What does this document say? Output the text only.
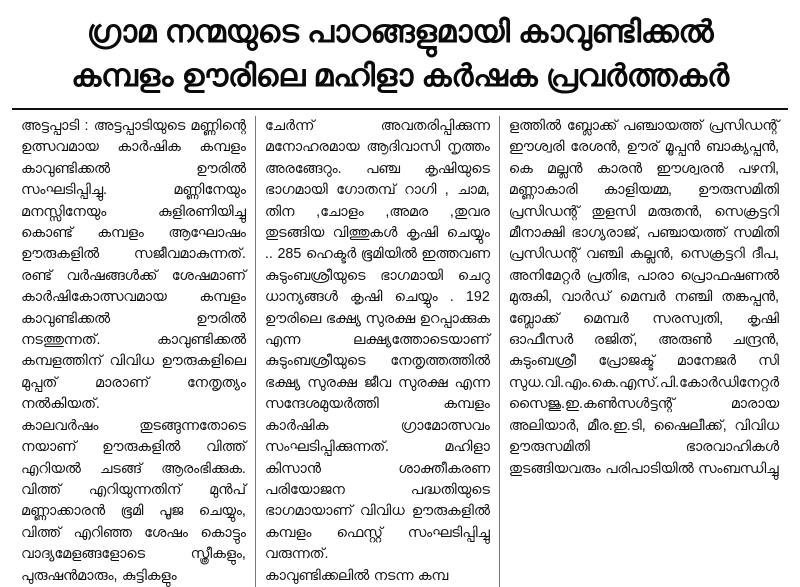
ഗ്രാമ നന്മയുടെ പാഠങ്ങളുമായി കാവുണ്ടിക്കൽ
കമ്പളം ഊരിലെ മഹിളാ കർഷക പ്രവർത്തകർ

അട്ടപ്പാടി : അട്ടപ്പാടിയുടെ മണ്ണിന്റെ ഉത്സവമായ കാർഷിക കമ്പളം കാവുണ്ടിക്കൽ ഊരിൽ സംഘടിപ്പിച്ചു. മണ്ണിനേയും മനസ്സിനേയും കുളിരണിയിച്ചു കൊണ്ട് കമ്പളം ആഘോഷം ഊരുകളിൽ സജീവമാകുന്നത്. രണ്ട് വർഷങ്ങൾക്ക് ശേഷമാണ് കാർഷികോത്സവമായ കമ്പളം കാവുണ്ടിക്കൽ ഊരിൽ നടത്തുന്നത്. കാവുണ്ടിക്കൽ കമ്പളത്തിന് വിവിധ ഊരുകളിലെ മുപ്പത് മാരാണ് നേതൃത്യം നൽകിയത്.

കാലവർഷം തുടങ്ങുന്നതോടെ നയാണ് ഊരുകളിൽ വിത്ത് എറിയൽ ചടങ്ങ് ആരംഭിക്കുക. വിത്ത് എറിയുന്നതിന് മുൻപ് മണ്ണാക്കാരൻ ഭൂമി പൂജ ചെയ്യും, വിത്ത് എറിഞ്ഞ ശേഷം കൊട്ടും

വാദ്യമേളങ്ങളോടെ സ്ത്രീകളും, പുരുഷൻമാരും, കുട്ടികളും

ചേർന്ന് അവതരിപ്പിക്കുന്ന മനോഹരമായ ആദിവാസി നൃത്തം അരങ്ങേറും. പഞ്ച കൃഷിയുടെ ഭാഗമായി ഗോതമ്പ് റാഗി , ചാമ, തിന ,ചോളം ,അമര ,തുവര തുടങ്ങിയ വിത്തുകൾ കൃഷി ചെയ്യും .. 285 ഹെക്ടർ ഭൂമിയിൽ ഇത്തവണ കുടുംബശ്രീയുടെ ഭാഗമായി ചെറു ധാന്യങ്ങൾ കൃഷി ചെയ്യും . 192 ഊരിലെ ഭക്ഷ്യ സുരക്ഷ ഉറപ്പാക്കുക എന്ന ലക്ഷ്യത്തോടെയാണ് കുടുംബശ്രീയുടെ നേതൃത്തത്തിൽ ഭക്ഷ്യ സുരക്ഷ ജീവ സുരക്ഷ എന്ന സന്ദേശമുയർത്തി കമ്പളം കാർഷിക ഗ്രാമോത്സവം സംഘടിപ്പിക്കുന്നത്. മഹിളാ കിസാൻ ശാക്തീകരണ പരിയോജന പദ്ധതിയുടെ ഭാഗമായാണ് വിവിധ ഊരുകളിൽ കമ്പളം ഫെസ്റ്റ് സംഘടിപ്പിച്ചു വരുന്നത്.

കാവുണ്ടിക്കലിൽ നടന്ന കമ്പ

ളത്തിൽ ബ്ലോക്ക് പഞ്ചായത്ത് പ്രസിഡന്റ് ഈശ്വരി രേശൻ, ഊര് മൂപ്പൻ ബാക്യപ്പൻ, കെ മല്ലൻ കാരൻ ഈശ്വരൻ പഴനി, മണ്ണാകാരി കാളിയമ്മ, ഊരുസമിതി പ്രസിഡന്റ് തുളസി മരുതൻ, സെക്രട്ടറി മീനാക്ഷി ഭാഗ്യരാജ്, പഞ്ചായത്ത് സമിതി പ്രസിഡന്റ് വഞ്ചി കല്ലൻ, സെക്രട്ടറി ദീപ, അനിമേറ്റർ പ്രതിഭ, പാരാ പ്രൊഫഷണൽ മുരുകി, വാർഡ് മെമ്പർ നഞ്ചി തങ്കപ്പൻ, ബ്ലോക്ക് മെമ്പർ സരസ്വതി, കൃഷി ഓഫീസർ രജിത്, അരുൺ ചന്ദ്രൻ, കുടുംബശ്രീ പ്രോജക്ട് മാനേജർ സി സുധ.വി.എം.കെ.എസ്.പി.കോർഡിനേറ്റർ സൈജു.ഇ.കൺസൾട്ടന്റ് മാരായ അലിയാർ, മീര.ഇ.ടി, ഷൈലീക്ക്, വിവിധ ഊരുസമിതി ഭാരവാഹികൾ തുടങ്ങിയവരും പരിപാടിയിൽ സംബന്ധിച്ചു
